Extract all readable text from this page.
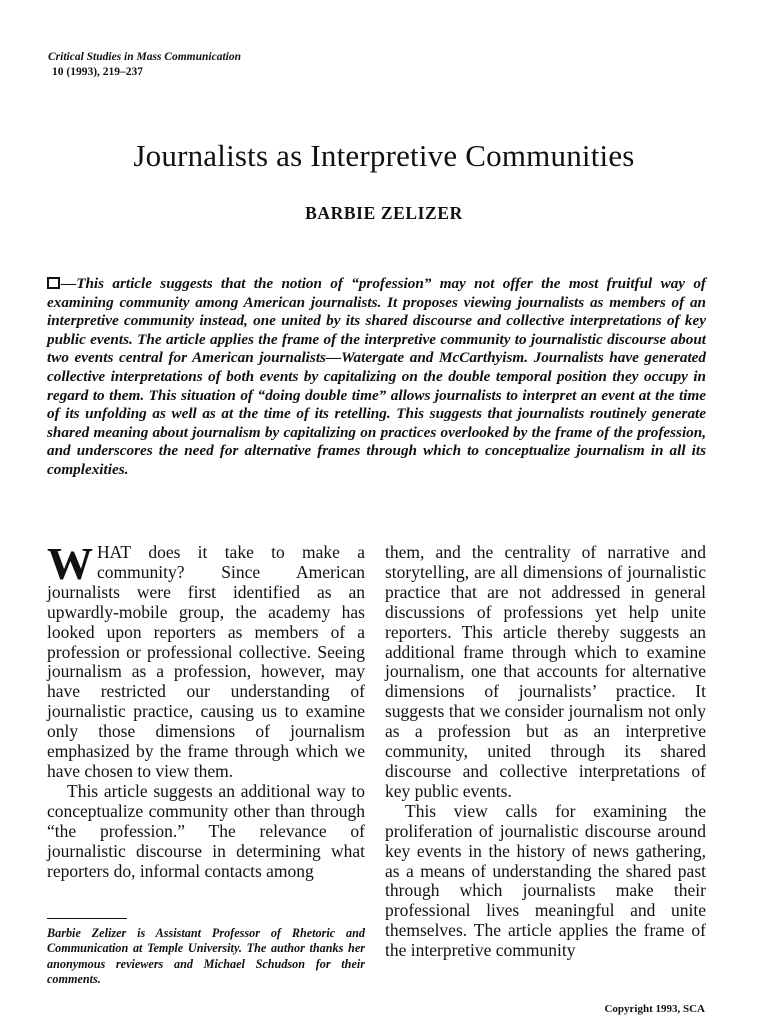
Critical Studies in Mass Communication
10 (1993), 219–237
Journalists as Interpretive Communities
BARBIE ZELIZER

—This article suggests that the notion of “profession” may not offer the most fruitful way of examining community among American journalists. It proposes viewing journalists as members of an interpretive community instead, one united by its shared discourse and collective interpretations of key public events. The article applies the frame of the interpretive community to journalistic discourse about two events central for American journalists—Watergate and McCarthyism. Journalists have generated collective interpretations of both events by capitalizing on the double temporal position they occupy in regard to them. This situation of “doing double time” allows journalists to interpret an event at the time of its unfolding as well as at the time of its retelling. This suggests that journalists routinely generate shared meaning about journalism by capitalizing on practices overlooked by the frame of the profession, and underscores the need for alternative frames through which to conceptualize journalism in all its complexities.

WHAT does it take to make a community? Since American journalists were first identified as an upwardly-mobile group, the academy has looked upon reporters as members of a profession or professional collective. Seeing journalism as a profession, however, may have restricted our understanding of journalistic practice, causing us to examine only those dimensions of journalism emphasized by the frame through which we have chosen to view them.

This article suggests an additional way to conceptualize community other than through “the profession.” The relevance of journalistic discourse in determining what reporters do, informal contacts among

them, and the centrality of narrative and storytelling, are all dimensions of journalistic practice that are not addressed in general discussions of professions yet help unite reporters. This article thereby suggests an additional frame through which to examine journalism, one that accounts for alternative dimensions of journalists’ practice. It suggests that we consider journalism not only as a profession but as an interpretive community, united through its shared discourse and collective interpretations of key public events.

This view calls for examining the proliferation of journalistic discourse around key events in the history of news gathering, as a means of understanding the shared past through which journalists make their professional lives meaningful and unite themselves. The article applies the frame of the interpretive community

Barbie Zelizer is Assistant Professor of Rhetoric and Communication at Temple University. The author thanks her anonymous reviewers and Michael Schudson for their comments.

Copyright 1993, SCA
